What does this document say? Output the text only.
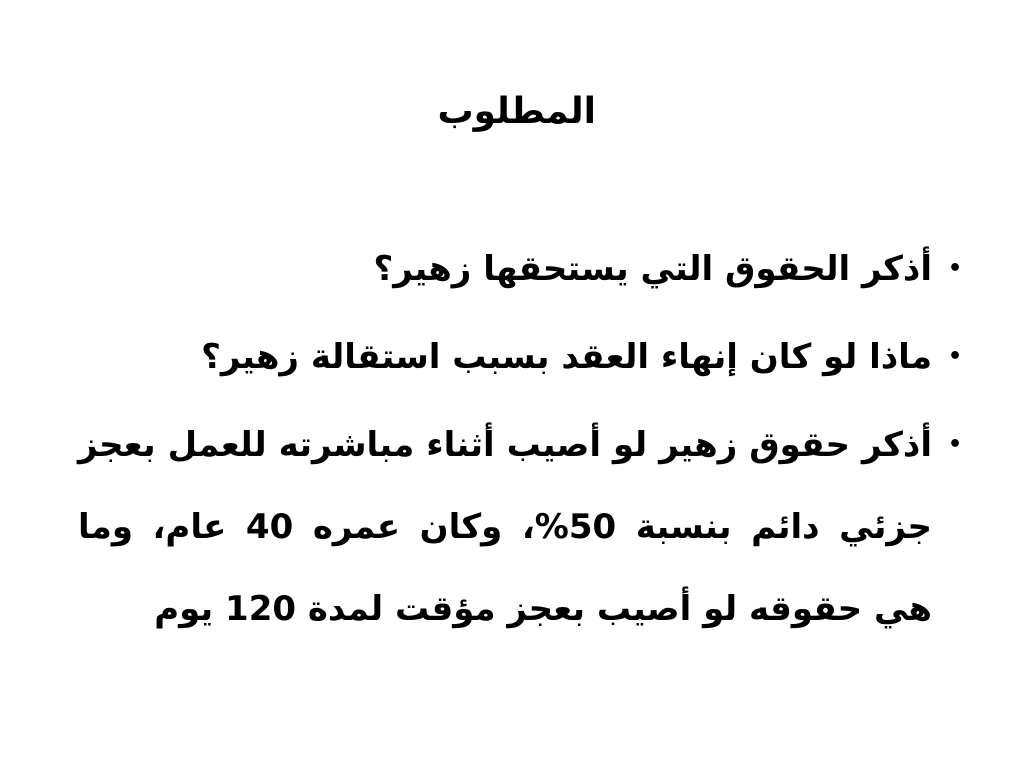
المطلوب
•
أذكر الحقوق التي يستحقها زهير؟
•
ماذا لو كان إنهاء العقد بسبب استقالة زهير؟
•
أذكر حقوق زهير لو أصيب أثناء مباشرته للعمل بعجز جزئي دائم بنسبة 50%، وكان عمره 40 عام، وما هي حقوقه لو أصيب بعجز مؤقت لمدة 120 يوم
